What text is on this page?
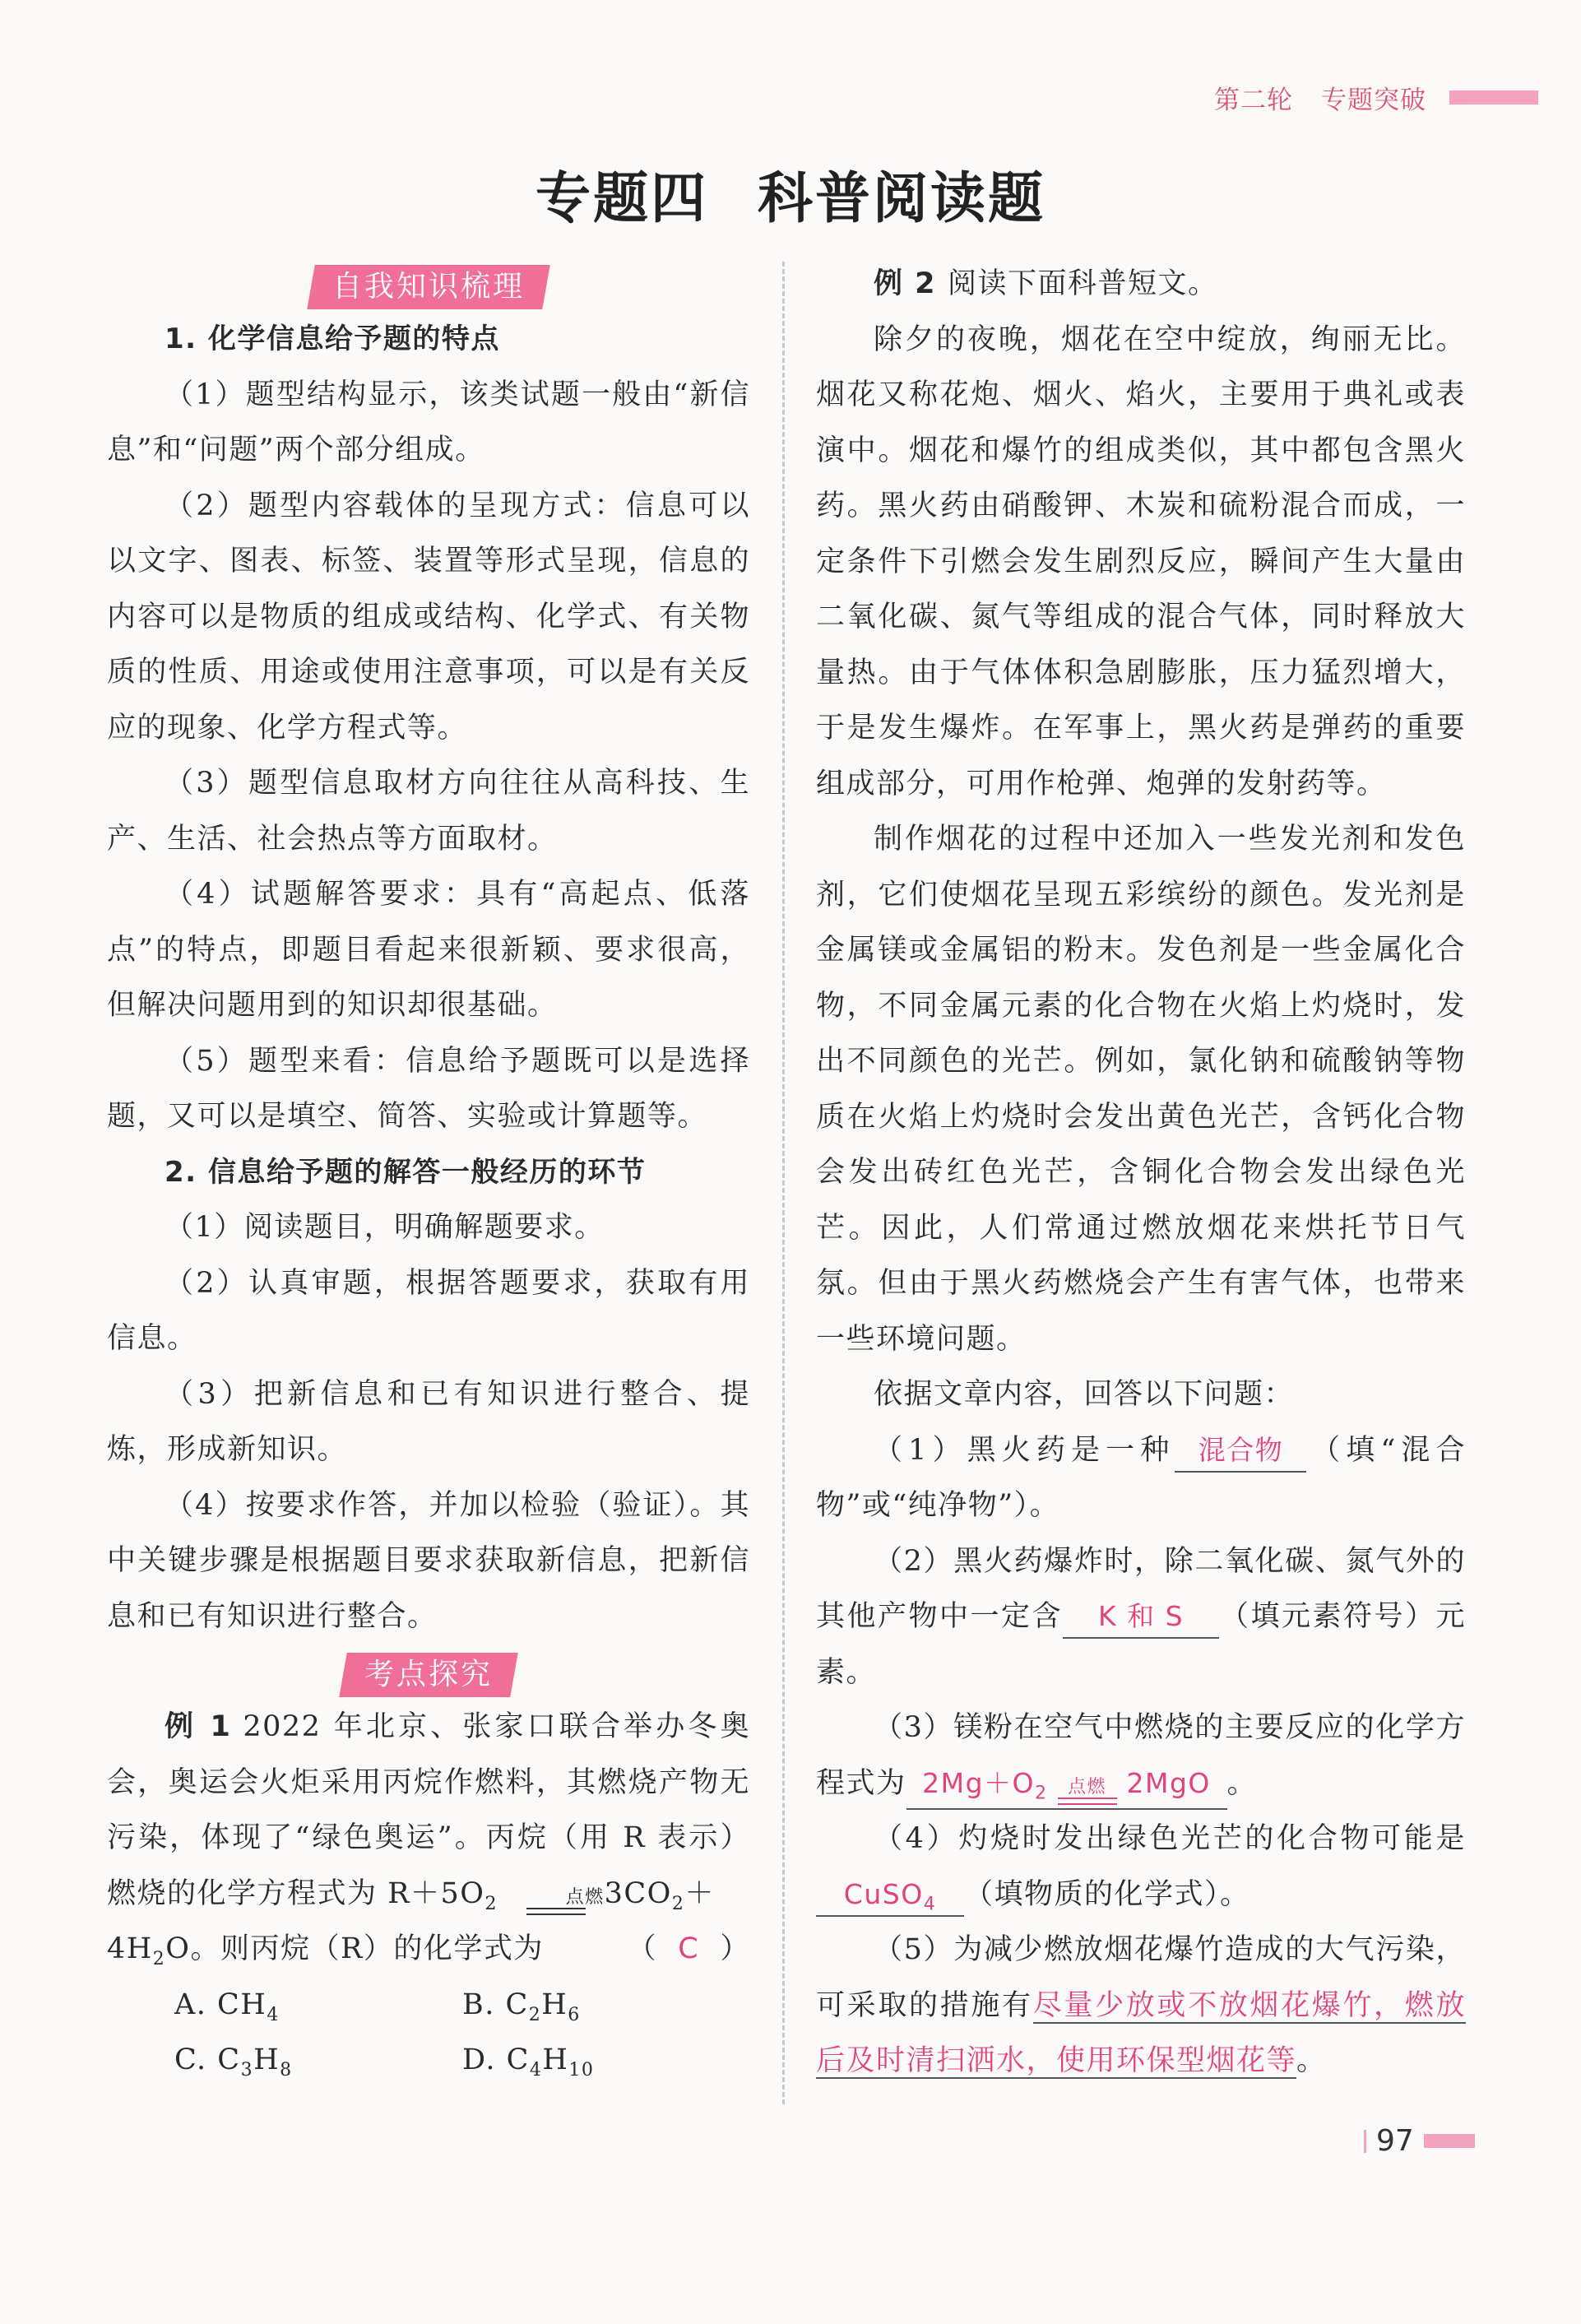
第二轮 专题突破
专题四 科普阅读题
自我知识梳理

1. 化学信息给予题的特点

（1）题型结构显示，该类试题一般由“新信息”和“问题”两个部分组成。

（2）题型内容载体的呈现方式：信息可以以文字、图表、标签、装置等形式呈现，信息的内容可以是物质的组成或结构、化学式、有关物质的性质、用途或使用注意事项，可以是有关反应的现象、化学方程式等。

（3）题型信息取材方向往往从高科技、生产、生活、社会热点等方面取材。

（4）试题解答要求：具有“高起点、低落点”的特点，即题目看起来很新颖、要求很高，但解决问题用到的知识却很基础。

（5）题型来看：信息给予题既可以是选择题，又可以是填空、简答、实验或计算题等。

2. 信息给予题的解答一般经历的环节

（1）阅读题目，明确解题要求。

（2）认真审题，根据答题要求，获取有用信息。

（3）把新信息和已有知识进行整合、提炼，形成新知识。

（4）按要求作答，并加以检验（验证）。其中关键步骤是根据题目要求获取新信息，把新信息和已有知识进行整合。

考点探究

例 1 2022 年北京、张家口联合举办冬奥会，奥运会火炬采用丙烷作燃料，其燃烧产物无污染，体现了“绿色奥运”。丙烷（用 R 表示）燃烧的化学方程式为 $R+5O_2$	点燃 $3CO_2+$

$4H_2O$。则丙烷（R）的化学式为	（  C  ）

A. $CH_4$	B. $C_2H_6$
C. $C_3H_8$	D. $C_4H_{10}$

例 2 阅读下面科普短文。

除夕的夜晚，烟花在空中绽放，绚丽无比。烟花又称花炮、烟火、焰火，主要用于典礼或表演中。烟花和爆竹的组成类似，其中都包含黑火药。黑火药由硝酸钾、木炭和硫粉混合而成，一定条件下引燃会发生剧烈反应，瞬间产生大量由二氧化碳、氮气等组成的混合气体，同时释放大量热。由于气体体积急剧膨胀，压力猛烈增大，于是发生爆炸。在军事上，黑火药是弹药的重要组成部分，可用作枪弹、炮弹的发射药等。

制作烟花的过程中还加入一些发光剂和发色剂，它们使烟花呈现五彩缤纷的颜色。发光剂是金属镁或金属铝的粉末。发色剂是一些金属化合物，不同金属元素的化合物在火焰上灼烧时，发出不同颜色的光芒。例如，氯化钠和硫酸钠等物质在火焰上灼烧时会发出黄色光芒，含钙化合物会发出砖红色光芒，含铜化合物会发出绿色光芒。因此，人们常通过燃放烟花来烘托节日气氛。但由于黑火药燃烧会产生有害气体，也带来一些环境问题。

依据文章内容，回答以下问题：

（1）黑火药是一种 混合物 （填“混合物”或“纯净物”）。

（2）黑火药爆炸时，除二氧化碳、氮气外的其他产物中一定含 K 和 S （填元素符号）元素。

（3）镁粉在空气中燃烧的主要反应的化学方程式为 $2Mg+O_2$ 点燃 2MgO 。

（4）灼烧时发出绿色光芒的化合物可能是CuSO$_4$ （填物质的化学式）。

（5）为减少燃放烟花爆竹造成的大气污染，可采取的措施有尽量少放或不放烟花爆竹，燃放后及时清扫洒水，使用环保型烟花等。

97
